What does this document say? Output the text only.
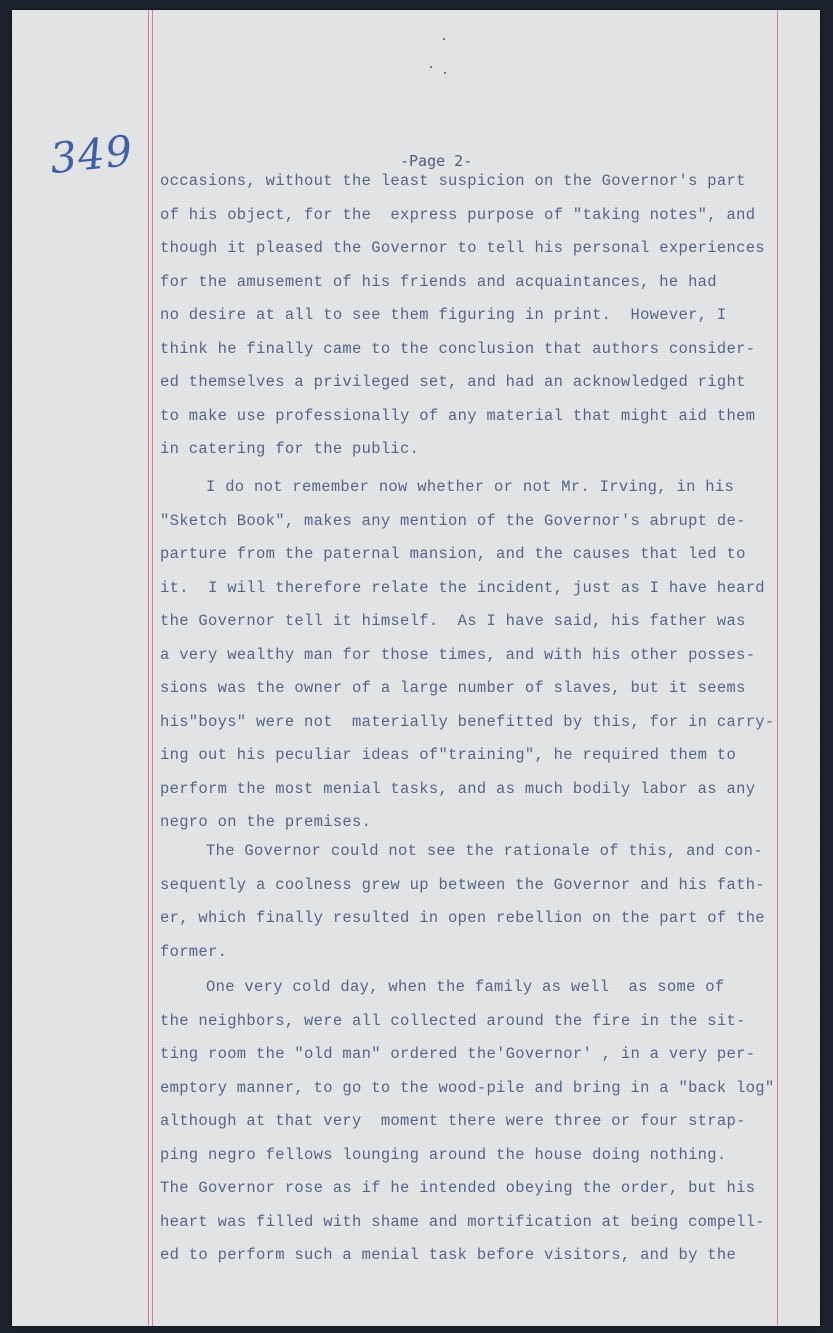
349	-Page 2-
occasions, without the least suspicion on the Governor's part
of his object, for the  express purpose of "taking notes", and
though it pleased the Governor to tell his personal experiences
for the amusement of his friends and acquaintances, he had
no desire at all to see them figuring in print.  However, I
think he finally came to the conclusion that authors consider-
ed themselves a privileged set, and had an acknowledged right
to make use professionally of any material that might aid them
in catering for the public.
I do not remember now whether or not Mr. Irving, in his
"Sketch Book", makes any mention of the Governor's abrupt de-
parture from the paternal mansion, and the causes that led to
it.  I will therefore relate the incident, just as I have heard
the Governor tell it himself.  As I have said, his father was
a very wealthy man for those times, and with his other posses-
sions was the owner of a large number of slaves, but it seems
his"boys" were not  materially benefitted by this, for in carry-
ing out his peculiar ideas of"training", he required them to
perform the most menial tasks, and as much bodily labor as any
negro on the premises.
The Governor could not see the rationale of this, and con-
sequently a coolness grew up between the Governor and his fath-
er, which finally resulted in open rebellion on the part of the
former.
One very cold day, when the family as well  as some of
the neighbors, were all collected around the fire in the sit-
ting room the "old man" ordered the'Governor' , in a very per-
emptory manner, to go to the wood-pile and bring in a "back log"
although at that very  moment there were three or four strap-
ping negro fellows lounging around the house doing nothing.
The Governor rose as if he intended obeying the order, but his
heart was filled with shame and mortification at being compell-
ed to perform such a menial task before visitors, and by the
